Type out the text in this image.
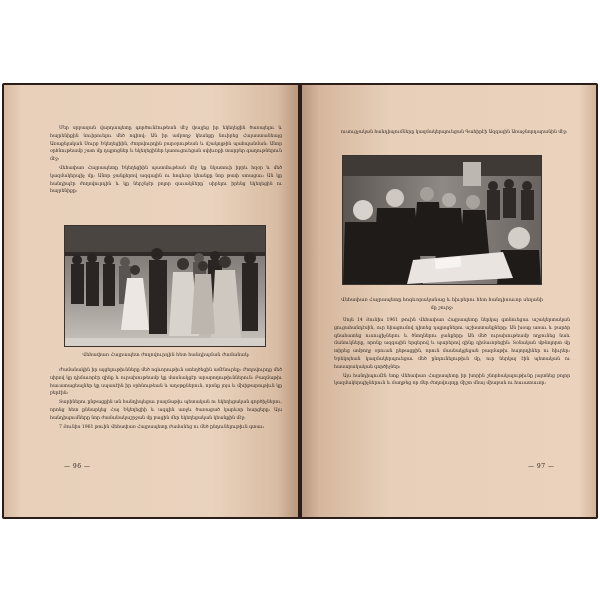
Մեր սրբազան վարդապետը գործունէութեան մէջ փայլեց իր եկեղեցին ծառայելու և հայրենիքին նուիրուելու մեծ ոգիով։ Ան իր ամբողջ կեանքը նուիրեց Հայաստանեայց Առաքելական Սուրբ Եկեղեցիին, ժողովուրդին բարօրութեան և մշակոյթին պահպանման։ Անոր օրհնութեամբ շատ մը դպրոցներ և եկեղեցիներ կառուցուեցան սփիւռքի տարբեր գաղութներուն մէջ։

Վեհափառ Հայրապետը Եկեղեցիին պատմութեան մէջ կը նկատուի իբրև հզօր և մեծ կազմակերպիչ մը։ Անոր ջանքերով ազգային ու հոգևոր կեանքը նոր թափ ստացաւ։ Ան կը հանդիպէր ժողովուրդին և կը ներշնչէր բոլոր զաւակները՝ սիրելու իրենց եկեղեցին ու հայրենիքը։

Վեհափառ Հայրապետ ժողովուրդին հետ հանդիպման ժամանակ։

Ժամանակին իր այցելութիւնները մեծ ոգևորութիւն ստեղծեցին ամէնուրեք։ Ժողովուրդը մեծ սիրով կը դիմաւորէր զինք և ուրախութեամբ կը մասնակցէր արարողութիւններուն։ Բազմաթիւ հաւատացեալներ կը սպասէին իր օրհնութեան և աղօթքներուն, որոնք յոյս և մխիթարութիւն կը բերէին։

Տարիներու ընթացքին ան հանդիպեցաւ բազմաթիւ պետական ու եկեղեցական գործիչներու, որոնց հետ քննարկեց Հայ Եկեղեցիի և ազգին առջև ծառացած կարևոր հարցերը։ Այս հանդիպումները նոր ժամանակաշրջան մը բացին մեր եկեղեցական կեանքին մէջ։

7 Յունիս 1961 թուին Վեհափառ Հայրապետը ժամանեց ու մեծ ընդունելութիւն գտաւ։

— 96 —
ուսուցչական հանդիպումները կազմակերպուեցան Գահիրէի Ազգային Առաջնորդարանին մէջ։
Վեհափառ Հայրապետը հոգևորականաց և հիւրերու հետ հանդիսաւոր սեղանի մը շուրջ։

Սոյն 14 Յունիս 1961 թուին Վեհափառ Հայրապետը ներկայ գտնուեցաւ աշակերտական ցուցահանդէսին, ուր հիացումով դիտեց դպրոցներու աշխատանքները։ Ան խօսք առաւ և բարձր գնահատեց ուսուցիչներու և ծնողներու ջանքերը։ Ան մեծ ուրախութեամբ ողջունեց նաև մանուկները, որոնք ազգային երգերով և պարերով զինք դիմաւորեցին։ Տօնական մթնոլորտ մը տիրեց ամբողջ օրուան ընթացքին, որուն մասնակցեցան բազմաթիւ հայորդիներ ու հիւրեր։ Երեկոյեան կազմակերպուեցաւ մեծ ընդունելութիւն մը, ուր ներկայ էին պետական ու հասարակական գործիչներ։

Այս հանդիպումէն ետք Վեհափառ Հայրապետը իր խորին շնորհակալութիւնը յայտնեց բոլոր կազմակերպիչներուն և մաղթեց որ մեր ժողովուրդը միշտ մնայ միաբան ու հաւատաւոր։

— 97 —
